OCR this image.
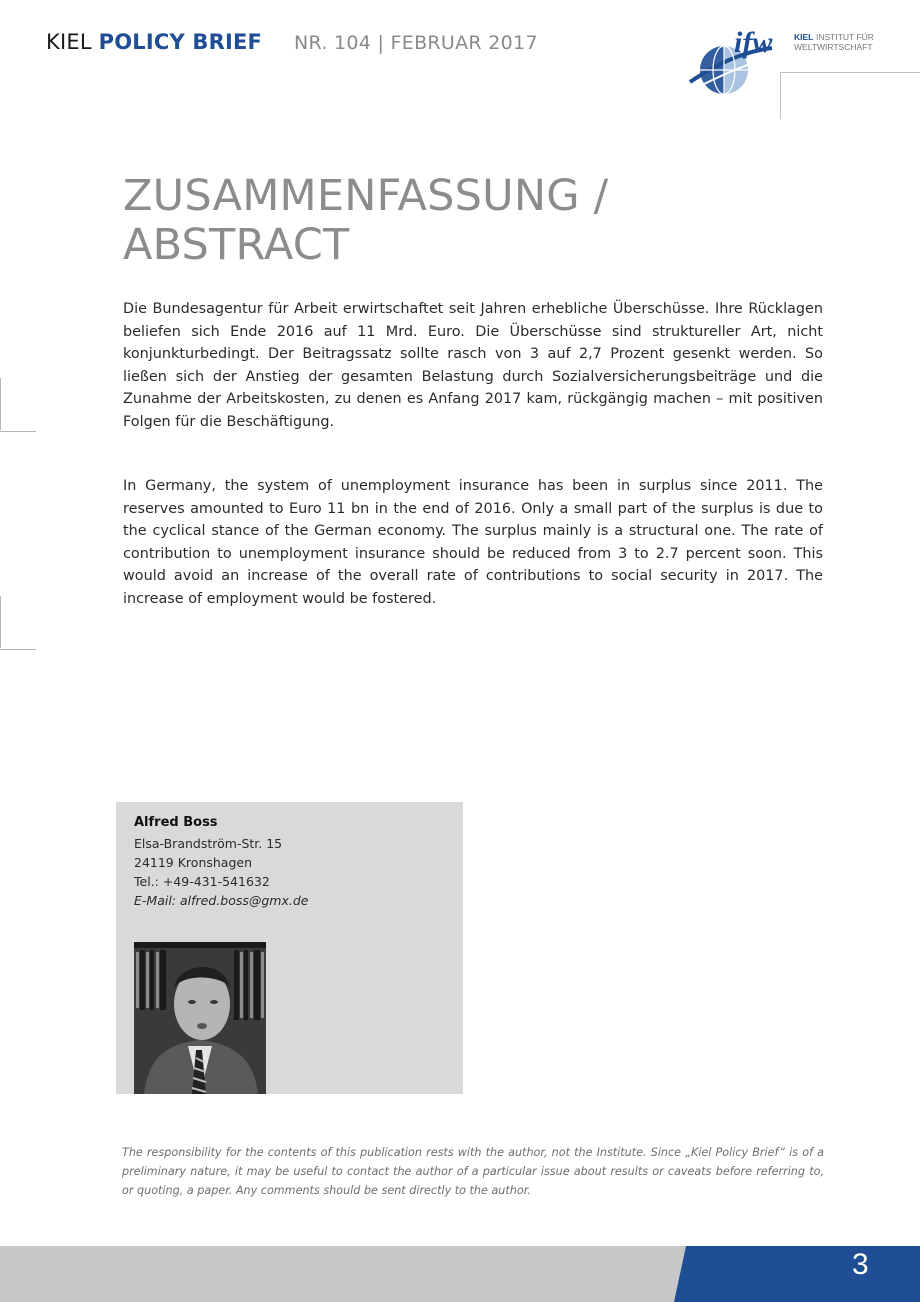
KIEL POLICY BRIEF NR. 104 | FEBRUAR 2017	ifw	KIEL INSTITUT FÜR
WELTWIRTSCHAFT
ZUSAMMENFASSUNG /
ABSTRACT
Die Bundesagentur für Arbeit erwirtschaftet seit Jahren erhebliche Überschüsse. Ihre Rücklagen beliefen sich Ende 2016 auf 11 Mrd. Euro. Die Überschüsse sind struktureller Art, nicht konjunkturbedingt. Der Beitragssatz sollte rasch von 3 auf 2,7 Prozent gesenkt werden. So ließen sich der Anstieg der gesamten Belastung durch Sozialversicherungsbeiträge und die Zunahme der Arbeitskosten, zu denen es Anfang 2017 kam, rückgängig machen – mit positiven Folgen für die Beschäftigung.
In Germany, the system of unemployment insurance has been in surplus since 2011. The reserves amounted to Euro 11 bn in the end of 2016. Only a small part of the surplus is due to the cyclical stance of the German economy. The surplus mainly is a structural one. The rate of contribution to unemployment insurance should be reduced from 3 to 2.7 percent soon. This would avoid an increase of the overall rate of contributions to social security in 2017. The increase of employment would be fostered.
Alfred Boss
Elsa-Brandström-Str. 15
24119 Kronshagen
Tel.: +49-431-541632
E-Mail: alfred.boss@gmx.de
The responsibility for the contents of this publication rests with the author, not the Institute. Since „Kiel Policy Brief“ is of a preliminary nature, it may be useful to contact the author of a particular issue about results or caveats before referring to, or quoting, a paper. Any comments should be sent directly to the author.
3
